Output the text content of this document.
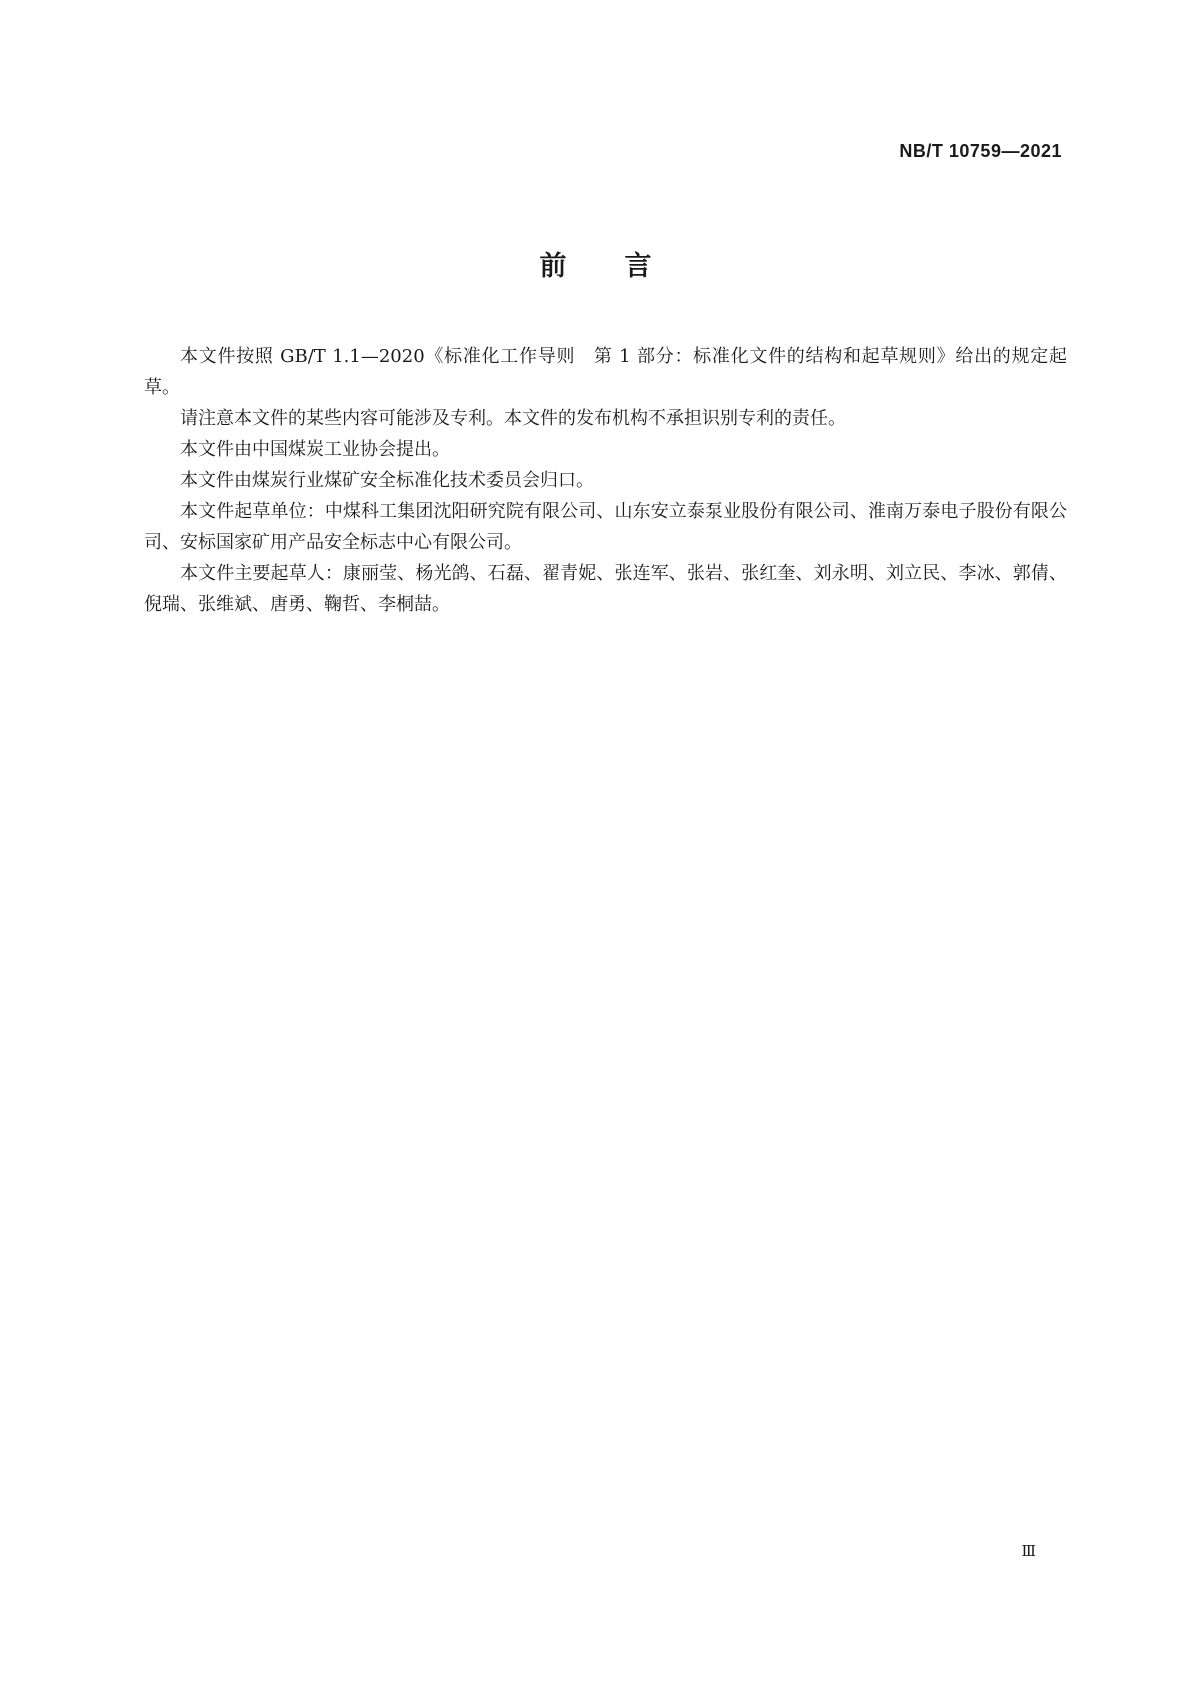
NB/T 10759—2021
前言

本文件按照 GB/T 1.1—2020《标准化工作导则　第 1 部分：标准化文件的结构和起草规则》给出的规定起草。

请注意本文件的某些内容可能涉及专利。本文件的发布机构不承担识别专利的责任。

本文件由中国煤炭工业协会提出。

本文件由煤炭行业煤矿安全标准化技术委员会归口。

本文件起草单位：中煤科工集团沈阳研究院有限公司、山东安立泰泵业股份有限公司、淮南万泰电子股份有限公司、安标国家矿用产品安全标志中心有限公司。

本文件主要起草人：康丽莹、杨光鸽、石磊、翟青妮、张连军、张岩、张红奎、刘永明、刘立民、李冰、郭倩、倪瑞、张维斌、唐勇、鞠哲、李桐喆。

Ⅲ
